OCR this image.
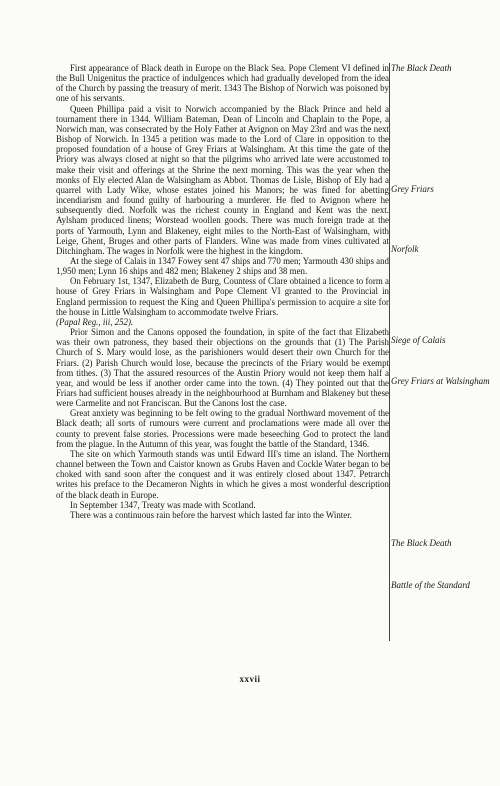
First appearance of Black death in Europe on the Black Sea. Pope Clement VI defined in the Bull Unigenitus the practice of indulgences which had gradually developed from the idea of the Church by passing the treasury of merit. 1343 The Bishop of Norwich was poisoned by one of his servants.

Queen Phillipa paid a visit to Norwich accompanied by the Black Prince and held a tournament there in 1344. William Bateman, Dean of Lincoln and Chaplain to the Pope, a Norwich man, was consecrated by the Holy Father at Avignon on May 23rd and was the next Bishop of Norwich. In 1345 a petition was made to the Lord of Clare in opposition to the proposed foundation of a house of Grey Friars at Walsingham. At this time the gate of the Priory was always closed at night so that the pilgrims who arrived late were accustomed to make their visit and offerings at the Shrine the next morning. This was the year when the monks of Ely elected Alan de Walsingham as Abbot. Thomas de Lisle, Bishop of Ely had a quarrel with Lady Wike, whose estates joined his Manors; he was fined for abetting incendiarism and found guilty of harbouring a murderer. He fled to Avignon where he subsequently died. Norfolk was the richest county in England and Kent was the next. Aylsham produced linens; Worstead woollen goods. There was much foreign trade at the ports of Yarmouth, Lynn and Blakeney, eight miles to the North-East of Walsingham, with Leige, Ghent, Bruges and other parts of Flanders. Wine was made from vines cultivated at Ditchingham. The wages in Norfolk were the highest in the kingdom.

At the siege of Calais in 1347 Fowey sent 47 ships and 770 men; Yarmouth 430 ships and 1,950 men; Lynn 16 ships and 482 men; Blakeney 2 ships and 38 men.

On February 1st, 1347, Elizabeth de Burg, Countess of Clare obtained a licence to form a house of Grey Friars in Walsingham and Pope Clement VI granted to the Provincial in England permission to request the King and Queen Phillipa's permission to acquire a site for the house in Little Walsingham to accommodate twelve Friars.

(Papal Reg., iii, 252).

Prior Simon and the Canons opposed the foundation, in spite of the fact that Elizabeth was their own patroness, they based their objections on the grounds that (1) The Parish Church of S. Mary would lose, as the parishioners would desert their own Church for the Friars. (2) Parish Church would lose, because the precincts of the Friary would be exempt from tithes. (3) That the assured resources of the Austin Priory would not keep them half a year, and would be less if another order came into the town. (4) They pointed out that the Friars had sufficient houses already in the neighbourhood at Burnham and Blakeney but these were Carmelite and not Franciscan. But the Canons lost the case.

Great anxiety was beginning to be felt owing to the gradual Northward movement of the Black death; all sorts of rumours were current and proclamations were made all over the county to prevent false stories. Processions were made beseeching God to protect the land from the plague. In the Autumn of this year, was fought the battle of the Standard, 1346.

The site on which Yarmouth stands was until Edward III's time an island. The Northern channel between the Town and Caistor known as Grubs Haven and Cockle Water began to be choked with sand soon after the conquest and it was entirely closed about 1347. Petrarch writes his preface to the Decameron Nights in which he gives a most wonderful description of the black death in Europe.

In September 1347, Treaty was made with Scotland.

There was a continuous rain before the harvest which lasted far into the Winter.

The Black Death
Grey Friars
Norfolk
Siege of Calais
Grey Friars at Walsingham
The Black Death
Battle of the Standard
xxvii
